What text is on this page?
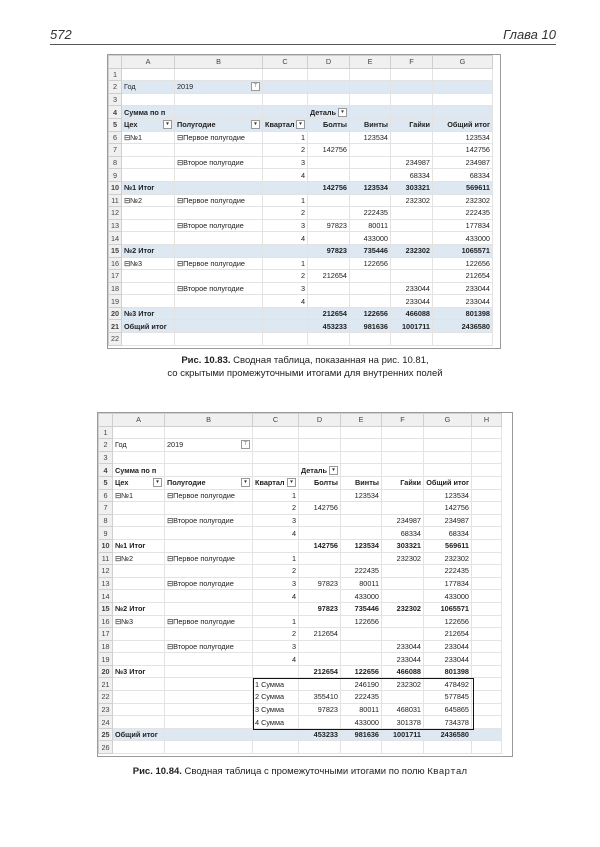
572	Глава 10
	A	B	C	D	E	F	G
1							
2	Год	2019 ⊤					

3							
4	Сумма по п			Деталь ▾			

5	Цех ▾	Полугодие ▾	Квартал ▾	Болты	Винты	Гайки	Общий итог
6	⊟№1	⊟Первое полугодие	1		123534		123534
7			2	142756			142756
8		⊟Второе полугодие	3			234987	234987
9			4			68334	68334
10	№1 Итог			142756	123534	303321	569611
11	⊟№2	⊟Первое полугодие	1			232302	232302
12			2		222435		222435
13		⊟Второе полугодие	3	97823	80011		177834
14			4		433000		433000
15	№2 Итог			97823	735446	232302	1065571
16	⊟№3	⊟Первое полугодие	1		122656		122656
17			2	212654			212654
18		⊟Второе полугодие	3			233044	233044
19			4			233044	233044
20	№3 Итог			212654	122656	466088	801398
21	Общий итог			453233	981636	1001711	2436580
22							
Рис. 10.83. Сводная таблица, показанная на рис. 10.81,
со скрытыми промежуточными итогами для внутренних полей
	A	B	C	D	E	F	G	H
1								
2	Год	2019 ⊤						

3								
4	Сумма по п			Деталь ▾				

5	Цех ▾	Полугодие ▾	Квартал ▾	Болты	Винты	Гайки	Общий итог	
6	⊟№1	⊟Первое полугодие	1		123534		123534	
7			2	142756			142756	
8		⊟Второе полугодие	3			234987	234987	
9			4			68334	68334	
10	№1 Итог			142756	123534	303321	569611	
11	⊟№2	⊟Первое полугодие	1			232302	232302	
12			2		222435		222435	
13		⊟Второе полугодие	3	97823	80011		177834	
14			4		433000		433000	
15	№2 Итог			97823	735446	232302	1065571	
16	⊟№3	⊟Первое полугодие	1		122656		122656	
17			2	212654			212654	
18		⊟Второе полугодие	3			233044	233044	
19			4			233044	233044	
20	№3 Итог			212654	122656	466088	801398	
21			1 Сумма		246190	232302	478492	
22			2 Сумма	355410	222435		577845	
23			3 Сумма	97823	80011	468031	645865	
24			4 Сумма		433000	301378	734378	
25	Общий итог			453233	981636	1001711	2436580	
26								
Рис. 10.84. Сводная таблица с промежуточными итогами по полю Квартал
